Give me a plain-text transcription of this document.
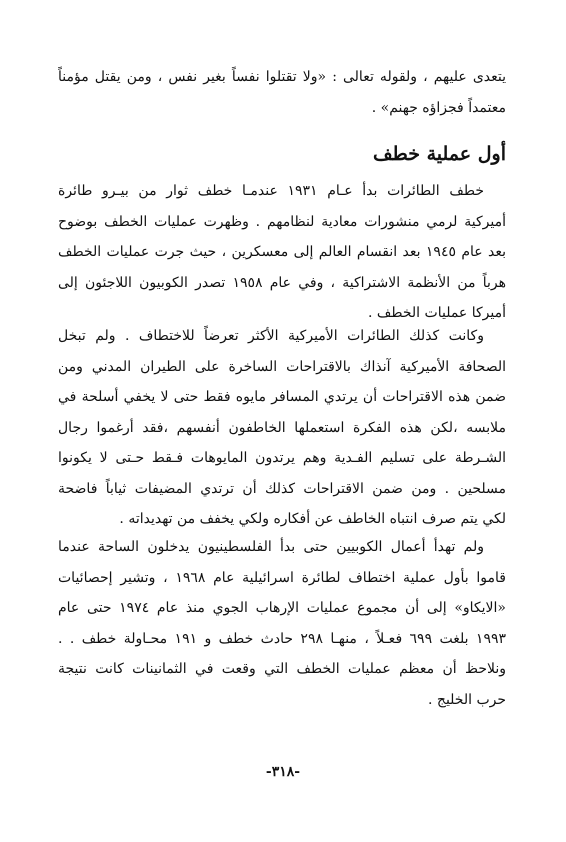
يتعدى عليهم ، ولقوله تعالى : «ولا تقتلوا نفساً بغير نفس ، ومن يقتل مؤمناً
معتمداً فجزاؤه جهنم» .
أول عملية خطف
خطف الطائرات بدأ عـام ١٩٣١ عندمـا خطف ثوار من بيـرو طائرة
أميركية لرمي منشورات معادية لنظامهم . وظهرت عمليات الخطف بوضوح
بعد عام ١٩٤٥ بعد انقسام العالم إلى معسكرين ، حيث جرت عمليات الخطف
هرباً من الأنظمة الاشتراكية ، وفي عام ١٩٥٨ تصدر الكوبيون اللاجئون إلى
أميركا عمليات الخطف .
وكانت كذلك الطائرات الأميركية الأكثر تعرضاً للاختطاف . ولم تبخل
الصحافة الأميركية آنذاك بالاقتراحات الساخرة على الطيران المدني ومن
ضمن هذه الاقتراحات أن يرتدي المسافر مايوه فقط حتى لا يخفي أسلحة في
ملابسه ،لكن هذه الفكرة استعملها الخاطفون أنفسهم ،فقد أرغموا رجال
الشـرطة على تسليم الفـدية وهم يرتدون المايوهات فـقط حـتى لا يكونوا
مسلحين . ومن ضمن الاقتراحات كذلك أن ترتدي المضيفات ثياباً فاضحة
لكي يتم صرف انتباه الخاطف عن أفكاره ولكي يخفف من تهديداته .
ولم تهدأ أعمال الكوبيين حتى بدأ الفلسطينيون يدخلون الساحة عندما
قاموا بأول عملية اختطاف لطائرة اسرائيلية عام ١٩٦٨ ، وتشير إحصائيات
«الايكاو» إلى أن مجموع عمليات الإرهاب الجوي منذ عام ١٩٧٤ حتى عام
١٩٩٣ بلغت ٦٩٩ فعـلاً ، منهـا ٢٩٨ حادث خطف و ١٩١ محـاولة خطف . .
ونلاحظ أن معظم عمليات الخطف التي وقعت في الثمانينات كانت نتيجة
حرب الخليج .
-٣١٨-
